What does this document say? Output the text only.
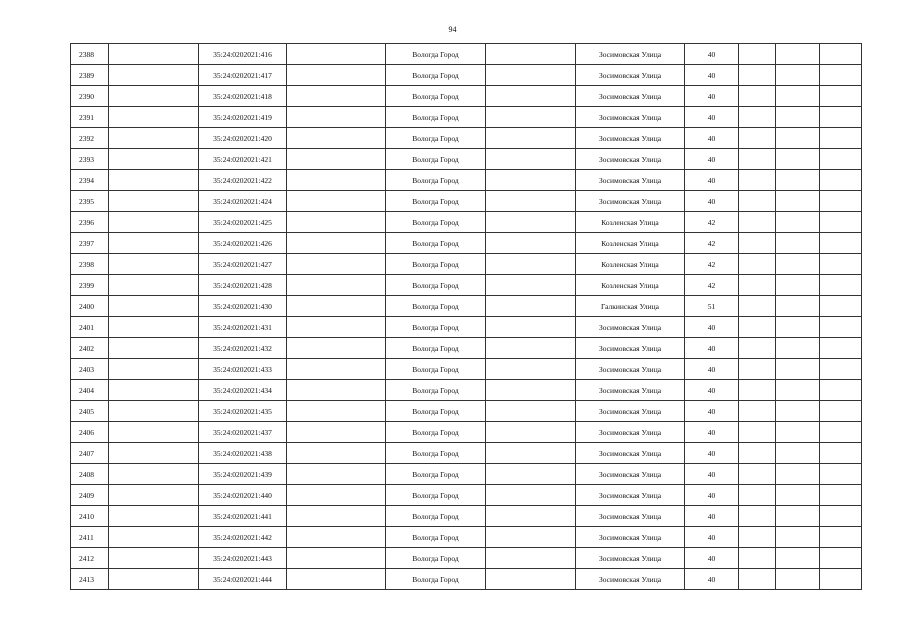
94
2388		35:24:0202021:416		Вологда Город		Зосимовская Улица	40			
2389		35:24:0202021:417		Вологда Город		Зосимовская Улица	40			
2390		35:24:0202021:418		Вологда Город		Зосимовская Улица	40			
2391		35:24:0202021:419		Вологда Город		Зосимовская Улица	40			
2392		35:24:0202021:420		Вологда Город		Зосимовская Улица	40			
2393		35:24:0202021:421		Вологда Город		Зосимовская Улица	40			
2394		35:24:0202021:422		Вологда Город		Зосимовская Улица	40			
2395		35:24:0202021:424		Вологда Город		Зосимовская Улица	40			
2396		35:24:0202021:425		Вологда Город		Козленская Улица	42			
2397		35:24:0202021:426		Вологда Город		Козленская Улица	42			
2398		35:24:0202021:427		Вологда Город		Козленская Улица	42			
2399		35:24:0202021:428		Вологда Город		Козленская Улица	42			
2400		35:24:0202021:430		Вологда Город		Галкинская Улица	51			
2401		35:24:0202021:431		Вологда Город		Зосимовская Улица	40			
2402		35:24:0202021:432		Вологда Город		Зосимовская Улица	40			
2403		35:24:0202021:433		Вологда Город		Зосимовская Улица	40			
2404		35:24:0202021:434		Вологда Город		Зосимовская Улица	40			
2405		35:24:0202021:435		Вологда Город		Зосимовская Улица	40			
2406		35:24:0202021:437		Вологда Город		Зосимовская Улица	40			
2407		35:24:0202021:438		Вологда Город		Зосимовская Улица	40			
2408		35:24:0202021:439		Вологда Город		Зосимовская Улица	40			
2409		35:24:0202021:440		Вологда Город		Зосимовская Улица	40			
2410		35:24:0202021:441		Вологда Город		Зосимовская Улица	40			
2411		35:24:0202021:442		Вологда Город		Зосимовская Улица	40			
2412		35:24:0202021:443		Вологда Город		Зосимовская Улица	40			
2413		35:24:0202021:444		Вологда Город		Зосимовская Улица	40			
